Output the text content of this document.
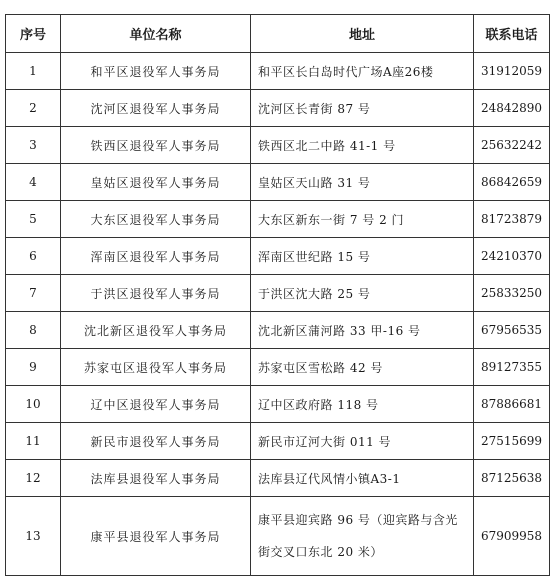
序号	单位名称	地址	联系电话
1	和平区退役军人事务局	和平区长白岛时代广场A座26楼	31912059
2	沈河区退役军人事务局	沈河区长青街 87 号	24842890
3	铁西区退役军人事务局	铁西区北二中路 41-1 号	25632242
4	皇姑区退役军人事务局	皇姑区天山路 31 号	86842659
5	大东区退役军人事务局	大东区新东一街 7 号 2 门	81723879
6	浑南区退役军人事务局	浑南区世纪路 15 号	24210370
7	于洪区退役军人事务局	于洪区沈大路 25 号	25833250
8	沈北新区退役军人事务局	沈北新区蒲河路 33 甲-16 号	67956535
9	苏家屯区退役军人事务局	苏家屯区雪松路 42 号	89127355
10	辽中区退役军人事务局	辽中区政府路 118 号	87886681
11	新民市退役军人事务局	新民市辽河大街 011 号	27515699
12	法库县退役军人事务局	法库县辽代风情小镇A3-1	87125638
13	康平县退役军人事务局	康平县迎宾路 96 号（迎宾路与含光街交叉口东北 20 米）	67909958
